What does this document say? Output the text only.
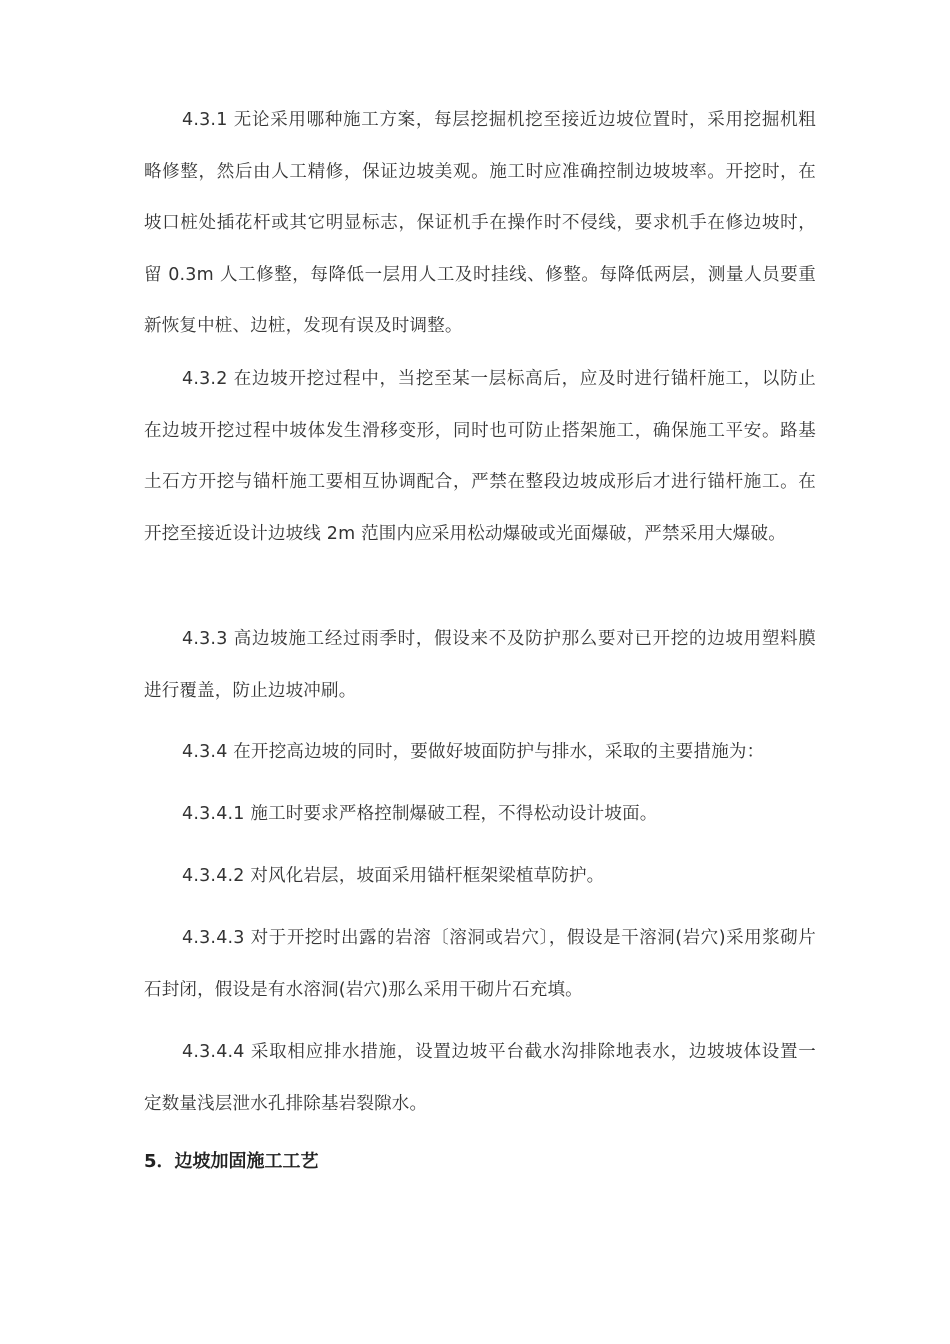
4.3.1 无论采用哪种施工方案，每层挖掘机挖至接近边坡位置时，采用挖掘机粗略修整，然后由人工精修，保证边坡美观。施工时应准确控制边坡坡率。开挖时，在坡口桩处插花杆或其它明显标志，保证机手在操作时不侵线，要求机手在修边坡时，留 0.3m 人工修整，每降低一层用人工及时挂线、修整。每降低两层，测量人员要重新恢复中桩、边桩，发现有误及时调整。

4.3.2 在边坡开挖过程中，当挖至某一层标高后，应及时进行锚杆施工，以防止在边坡开挖过程中坡体发生滑移变形，同时也可防止搭架施工，确保施工平安。路基土石方开挖与锚杆施工要相互协调配合，严禁在整段边坡成形后才进行锚杆施工。在开挖至接近设计边坡线 2m 范围内应采用松动爆破或光面爆破，严禁采用大爆破。

4.3.3 高边坡施工经过雨季时，假设来不及防护那么要对已开挖的边坡用塑料膜进行覆盖，防止边坡冲刷。

4.3.4 在开挖高边坡的同时，要做好坡面防护与排水，采取的主要措施为：

4.3.4.1 施工时要求严格控制爆破工程，不得松动设计坡面。

4.3.4.2 对风化岩层，坡面采用锚杆框架梁植草防护。

4.3.4.3 对于开挖时出露的岩溶〔溶洞或岩穴〕，假设是干溶洞(岩穴)采用浆砌片石封闭，假设是有水溶洞(岩穴)那么采用干砌片石充填。

4.3.4.4 采取相应排水措施，设置边坡平台截水沟排除地表水，边坡坡体设置一定数量浅层泄水孔排除基岩裂隙水。

5．边坡加固施工工艺
